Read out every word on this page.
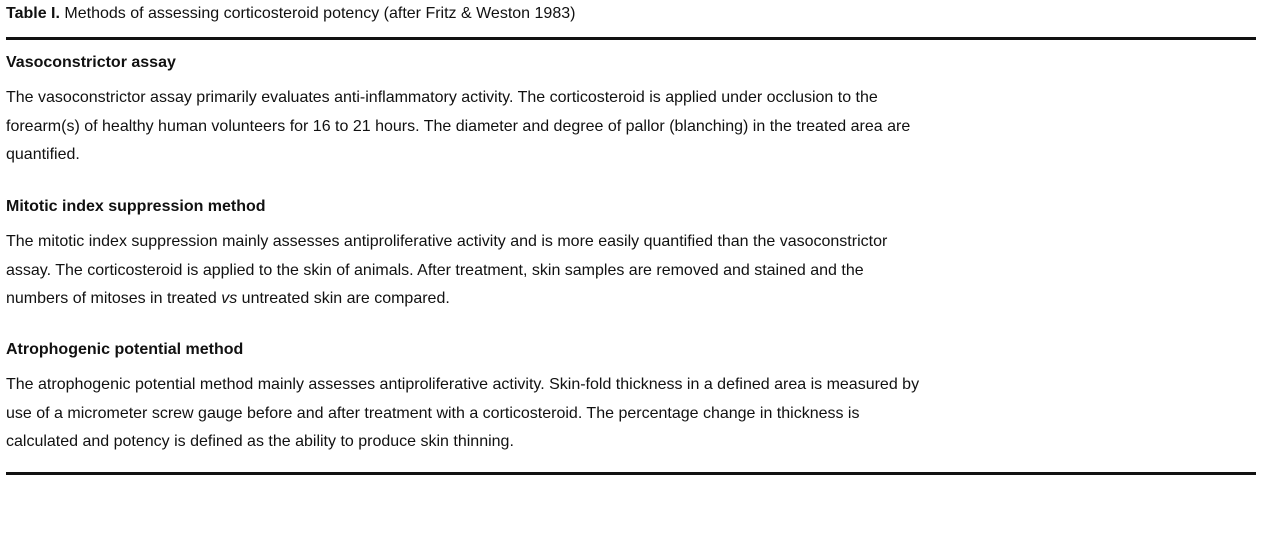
Table I. Methods of assessing corticosteroid potency (after Fritz & Weston 1983)

Vasoconstrictor assay

The vasoconstrictor assay primarily evaluates anti-inflammatory activity. The corticosteroid is applied under occlusion to the
forearm(s) of healthy human volunteers for 16 to 21 hours. The diameter and degree of pallor (blanching) in the treated area are
quantified.

Mitotic index suppression method

The mitotic index suppression mainly assesses antiproliferative activity and is more easily quantified than the vasoconstrictor
assay. The corticosteroid is applied to the skin of animals. After treatment, skin samples are removed and stained and the
numbers of mitoses in treated vs untreated skin are compared.

Atrophogenic potential method

The atrophogenic potential method mainly assesses antiproliferative activity. Skin-fold thickness in a defined area is measured by
use of a micrometer screw gauge before and after treatment with a corticosteroid. The percentage change in thickness is
calculated and potency is defined as the ability to produce skin thinning.
